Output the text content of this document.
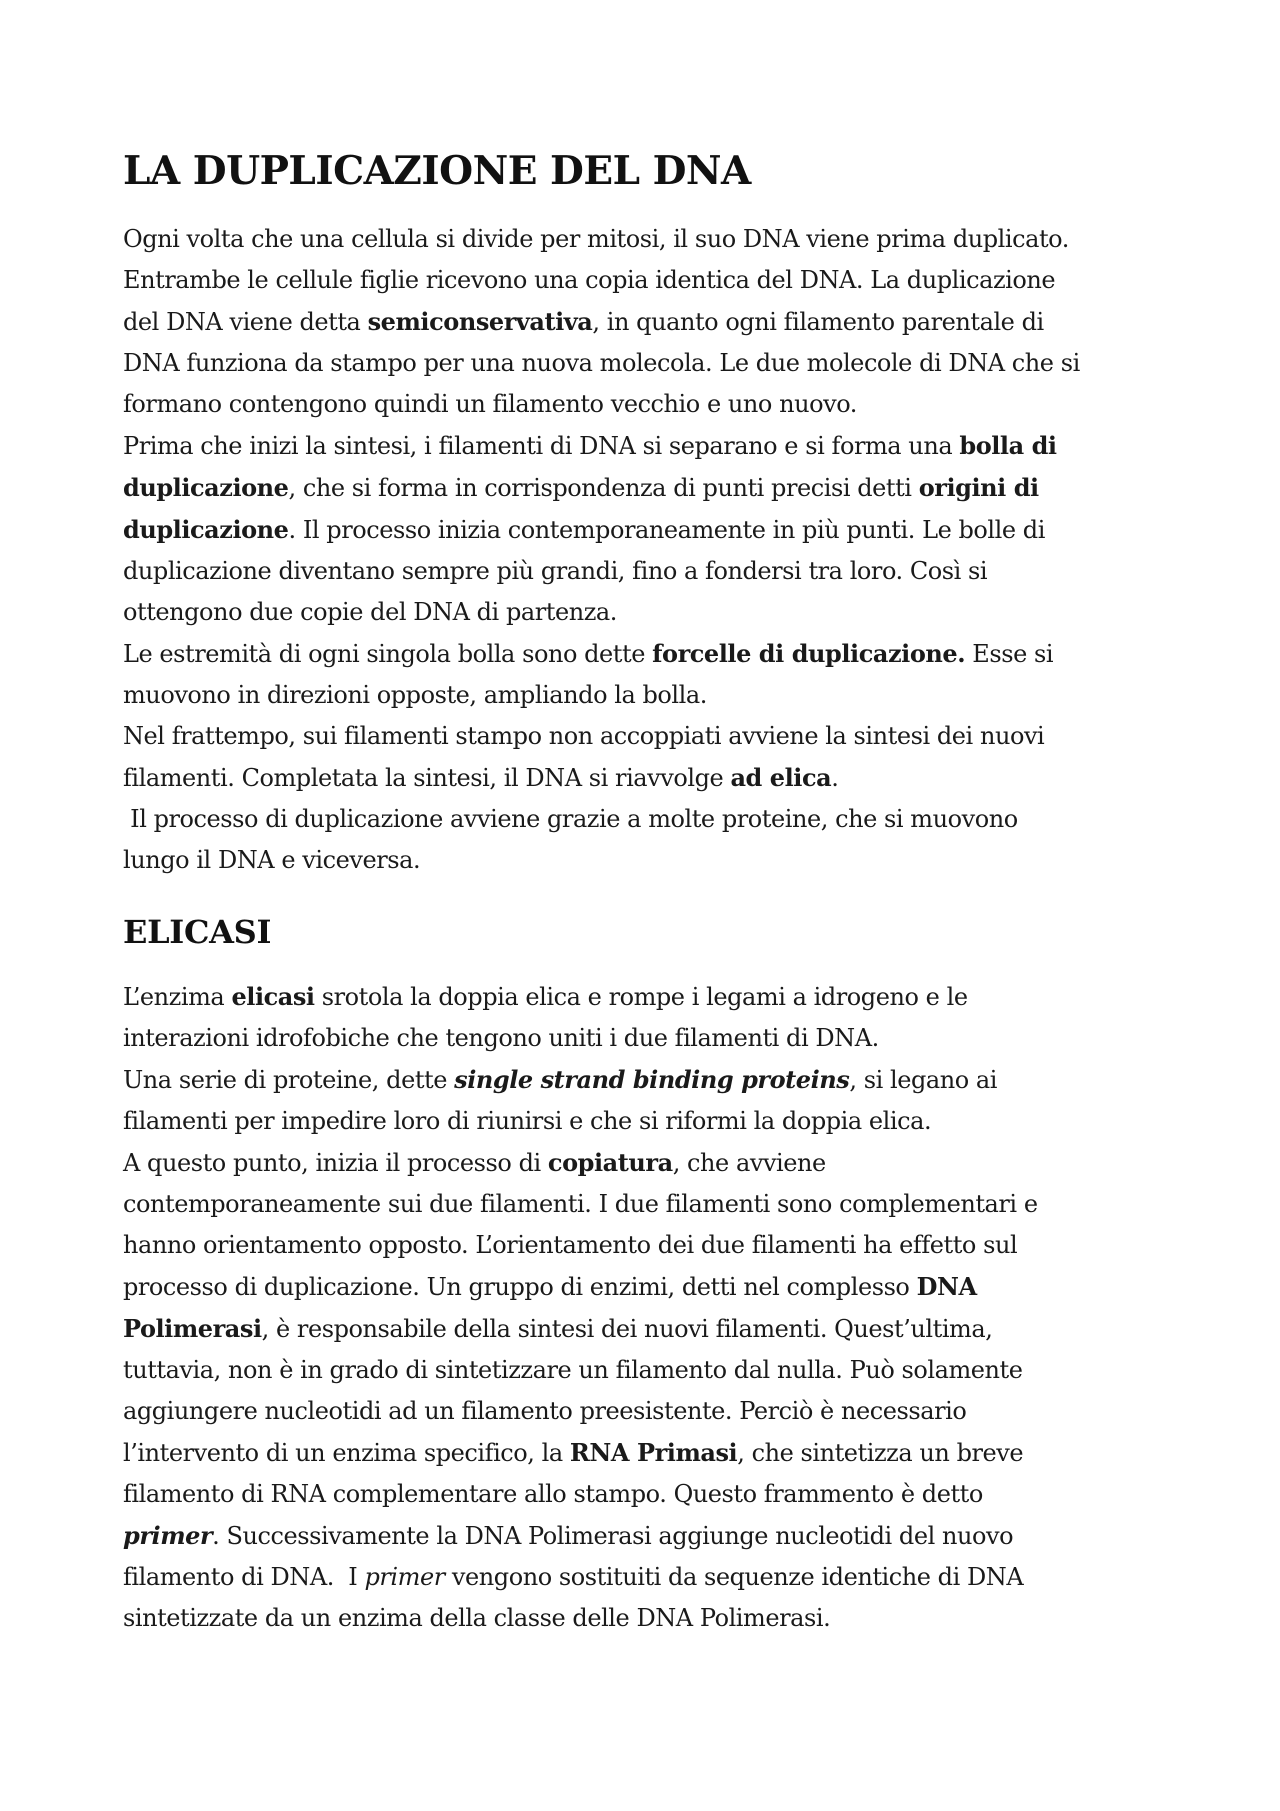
LA DUPLICAZIONE DEL DNA

Ogni volta che una cellula si divide per mitosi, il suo DNA viene prima duplicato.

Entrambe le cellule figlie ricevono una copia identica del DNA. La duplicazione

del DNA viene detta semiconservativa, in quanto ogni filamento parentale di

DNA funziona da stampo per una nuova molecola. Le due molecole di DNA che si

formano contengono quindi un filamento vecchio e uno nuovo.

Prima che inizi la sintesi, i filamenti di DNA si separano e si forma una bolla di

duplicazione, che si forma in corrispondenza di punti precisi detti origini di

duplicazione. Il processo inizia contemporaneamente in più punti. Le bolle di

duplicazione diventano sempre più grandi, fino a fondersi tra loro. Così si

ottengono due copie del DNA di partenza.

Le estremità di ogni singola bolla sono dette forcelle di duplicazione. Esse si

muovono in direzioni opposte, ampliando la bolla.

Nel frattempo, sui filamenti stampo non accoppiati avviene la sintesi dei nuovi

filamenti. Completata la sintesi, il DNA si riavvolge ad elica.

Il processo di duplicazione avviene grazie a molte proteine, che si muovono

lungo il DNA e viceversa.

ELICASI

L’enzima elicasi srotola la doppia elica e rompe i legami a idrogeno e le

interazioni idrofobiche che tengono uniti i due filamenti di DNA.

Una serie di proteine, dette single strand binding proteins, si legano ai

filamenti per impedire loro di riunirsi e che si riformi la doppia elica.

A questo punto, inizia il processo di copiatura, che avviene

contemporaneamente sui due filamenti. I due filamenti sono complementari e

hanno orientamento opposto. L’orientamento dei due filamenti ha effetto sul

processo di duplicazione. Un gruppo di enzimi, detti nel complesso DNA

Polimerasi, è responsabile della sintesi dei nuovi filamenti. Quest’ultima,

tuttavia, non è in grado di sintetizzare un filamento dal nulla. Può solamente

aggiungere nucleotidi ad un filamento preesistente. Perciò è necessario

l’intervento di un enzima specifico, la RNA Primasi, che sintetizza un breve

filamento di RNA complementare allo stampo. Questo frammento è detto

primer. Successivamente la DNA Polimerasi aggiunge nucleotidi del nuovo

filamento di DNA.  I primer vengono sostituiti da sequenze identiche di DNA

sintetizzate da un enzima della classe delle DNA Polimerasi.
